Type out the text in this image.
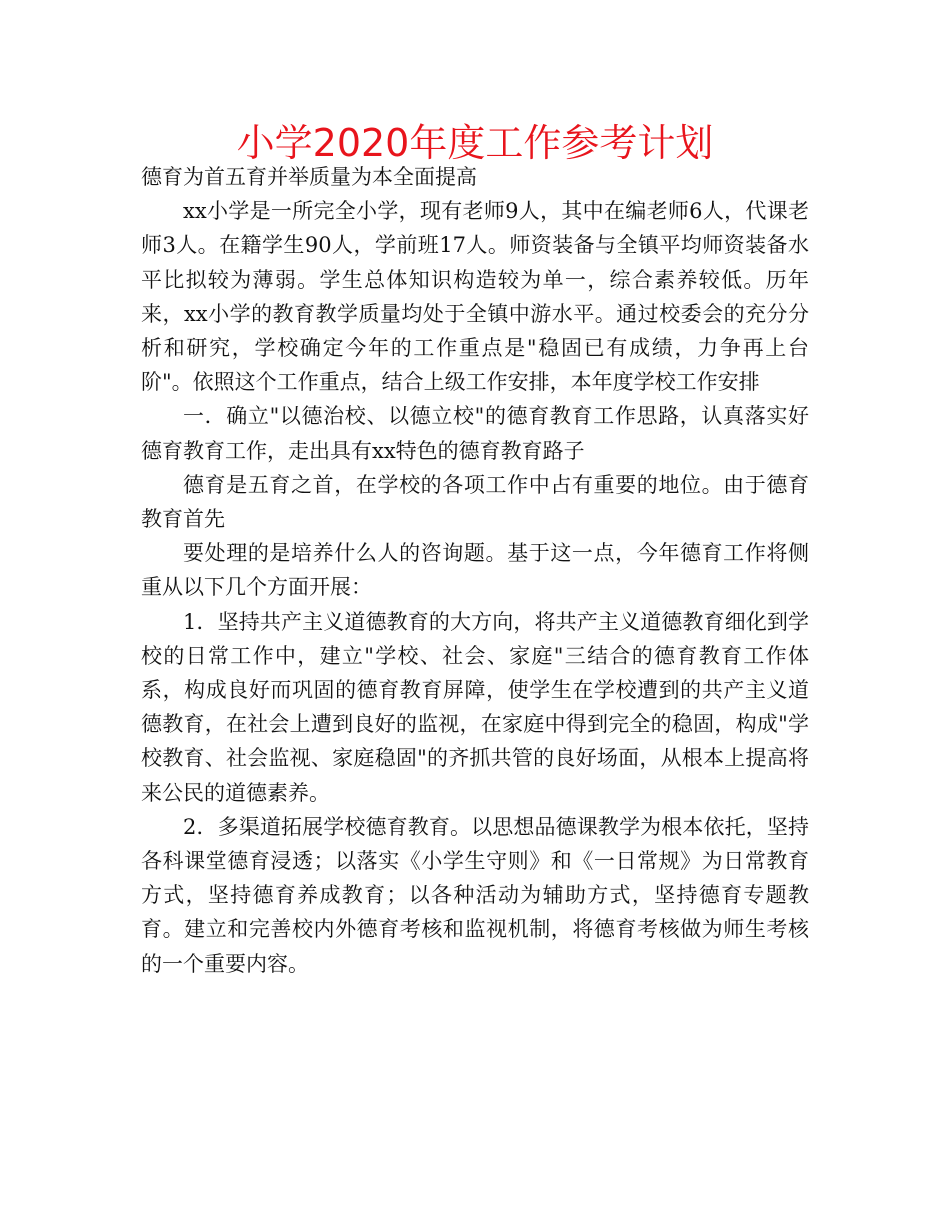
小学2020年度工作参考计划

德育为首五育并举质量为本全面提高

xx小学是一所完全小学，现有老师9人，其中在编老师6人，代课老师3人。在籍学生90人，学前班17人。师资装备与全镇平均师资装备水平比拟较为薄弱。学生总体知识构造较为单一，综合素养较低。历年来，xx小学的教育教学质量均处于全镇中游水平。通过校委会的充分分析和研究，学校确定今年的工作重点是"稳固已有成绩，力争再上台阶"。依照这个工作重点，结合上级工作安排，本年度学校工作安排

一．确立"以德治校、以德立校"的德育教育工作思路，认真落实好德育教育工作，走出具有xx特色的德育教育路子

德育是五育之首，在学校的各项工作中占有重要的地位。由于德育教育首先

要处理的是培养什么人的咨询题。基于这一点，今年德育工作将侧重从以下几个方面开展：

1．坚持共产主义道德教育的大方向，将共产主义道德教育细化到学校的日常工作中，建立"学校、社会、家庭"三结合的德育教育工作体系，构成良好而巩固的德育教育屏障，使学生在学校遭到的共产主义道德教育，在社会上遭到良好的监视，在家庭中得到完全的稳固，构成"学校教育、社会监视、家庭稳固"的齐抓共管的良好场面，从根本上提高将来公民的道德素养。

2．多渠道拓展学校德育教育。以思想品德课教学为根本依托，坚持各科课堂德育浸透；以落实《小学生守则》和《一日常规》为日常教育方式，坚持德育养成教育；以各种活动为辅助方式，坚持德育专题教育。建立和完善校内外德育考核和监视机制，将德育考核做为师生考核的一个重要内容。
